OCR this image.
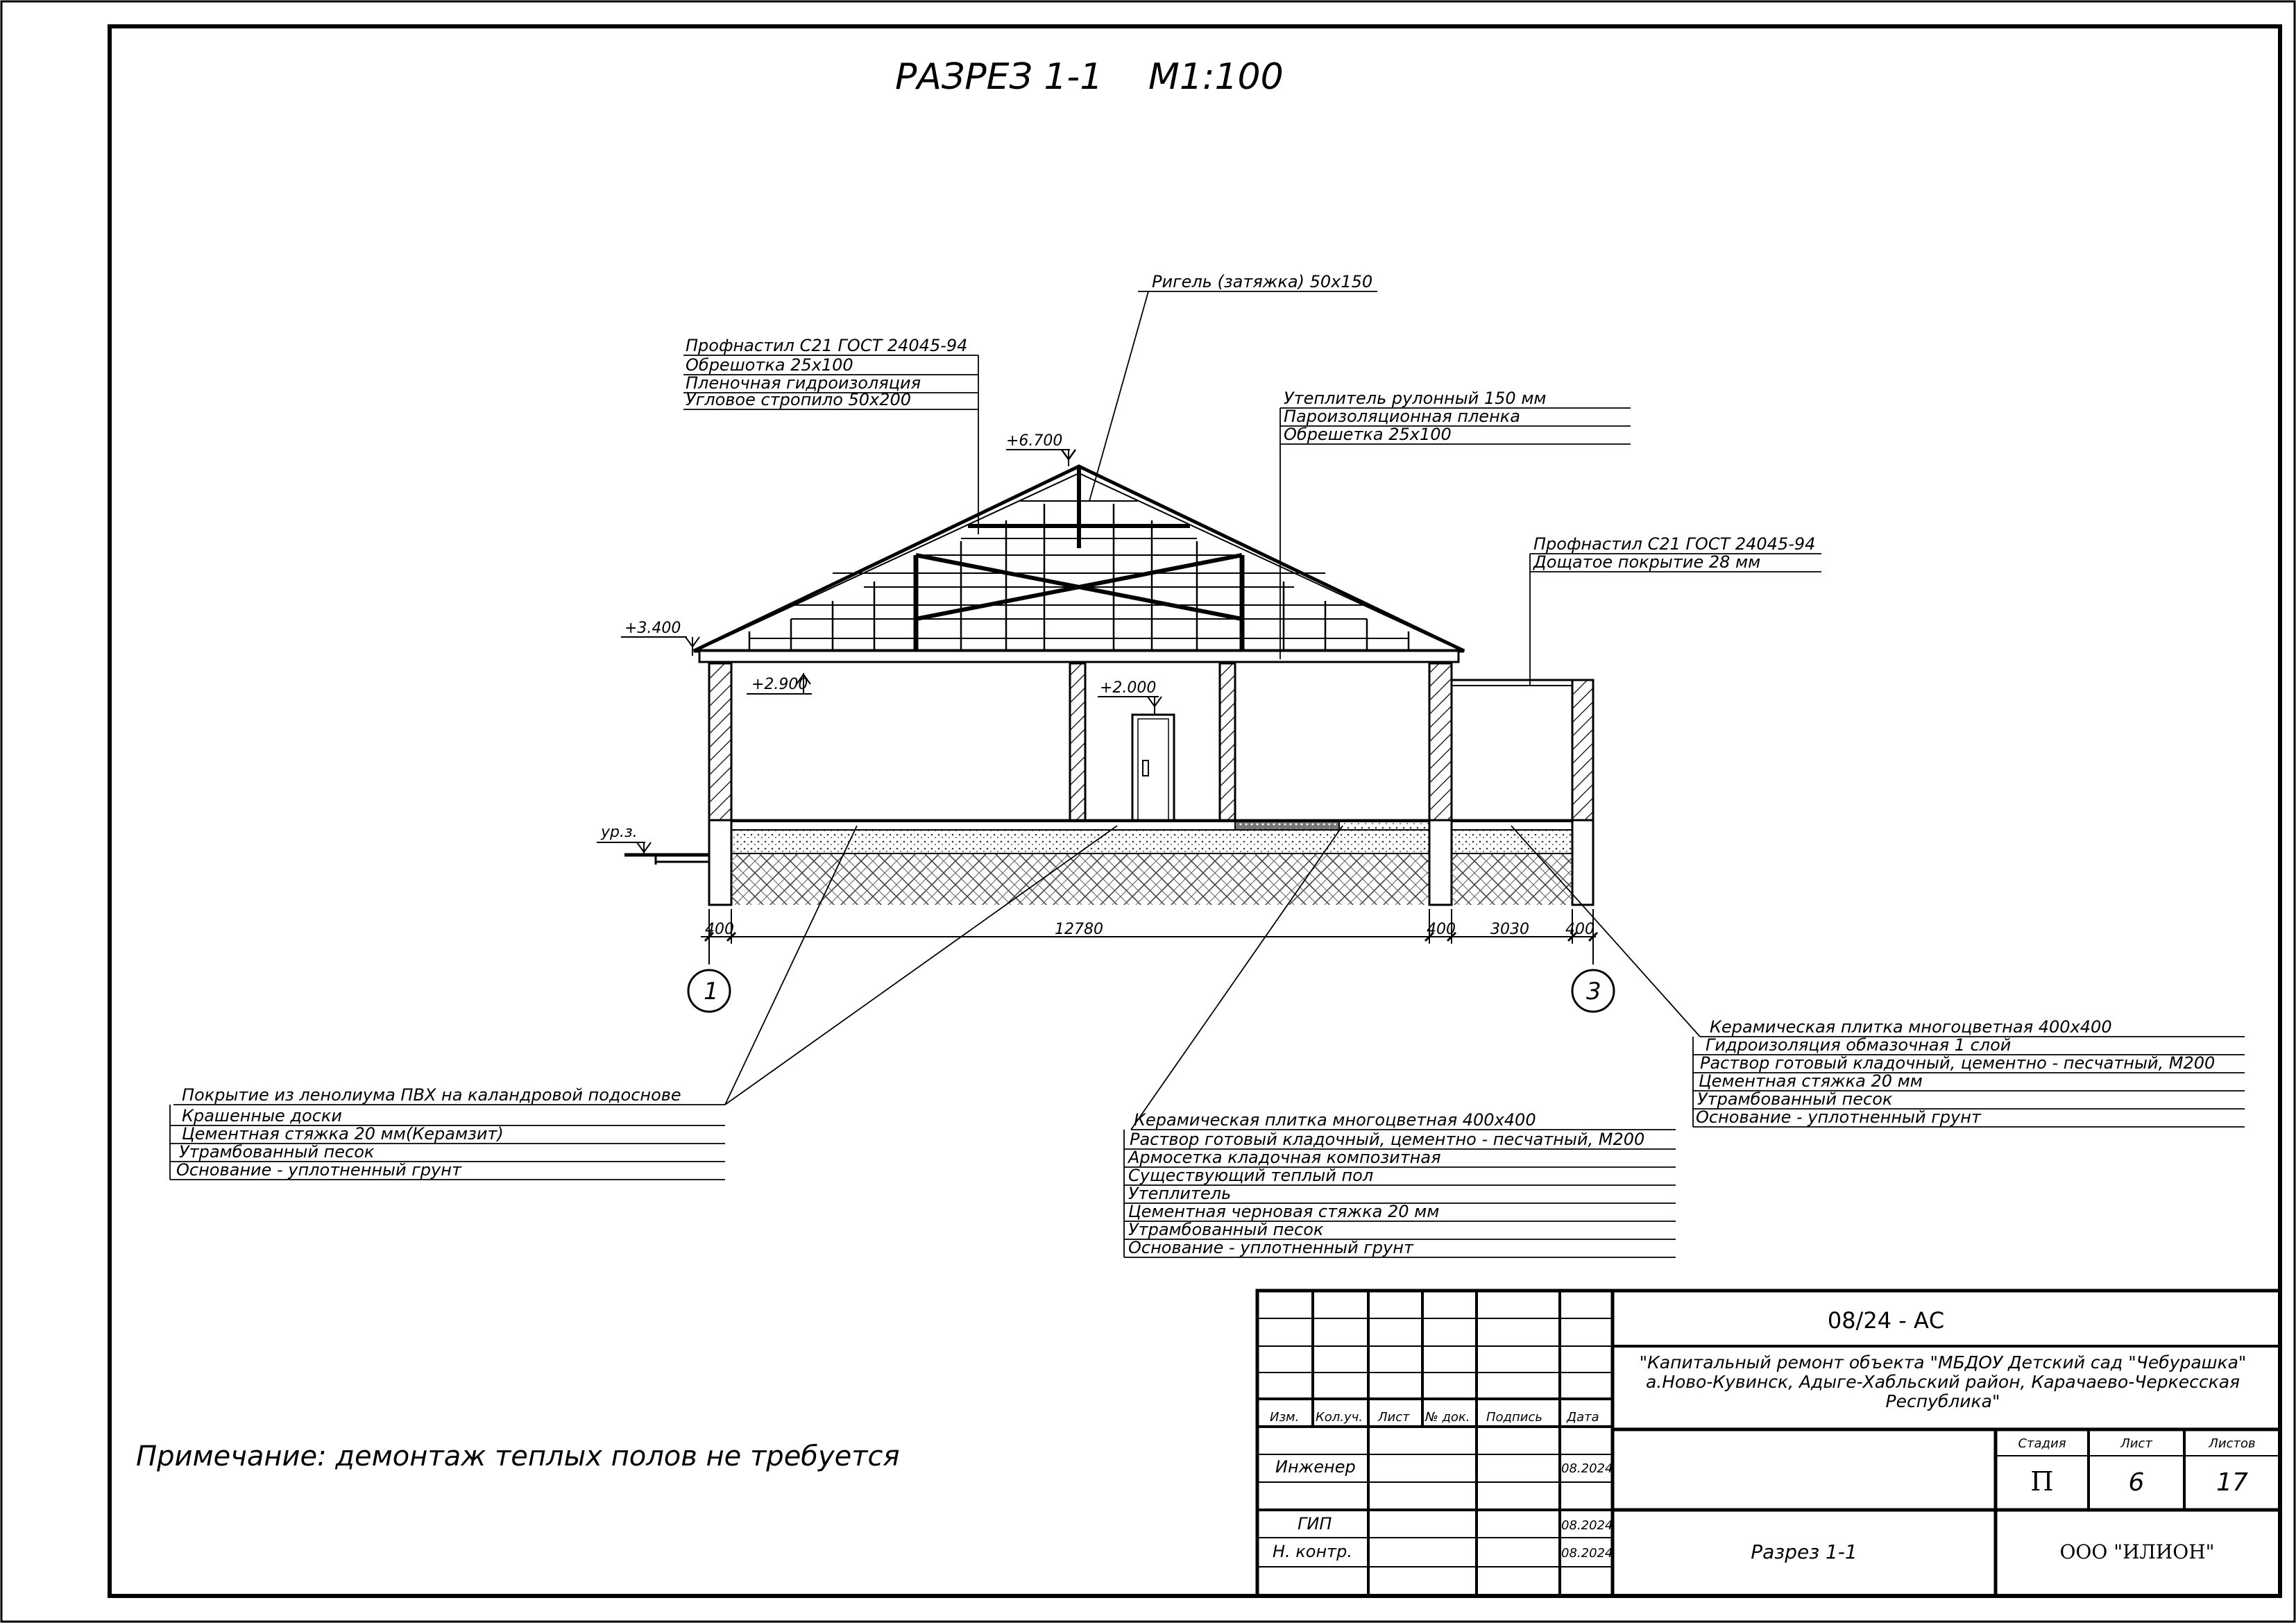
РАЗРЕЗ 1-1 М1:100
+6.700
+3.400
+2.900	+2.000
ур.з.
400	12780	400 3030 400
1	3
Ригель (затяжка) 50х150
Профнастил С21 ГОСТ 24045-94
Обрешотка 25х100
Пленочная гидроизоляция
Угловое стропило 50х200	Утеплитель рулонный 150 мм
Пароизоляционная пленка
Обрешетка 25х100
Профнастил С21 ГОСТ 24045-94
Дощатое покрытие 28 мм
Покрытие из ленолиума ПВХ на каландровой подоснове
Крашенные доски
Цементная стяжка 20 мм(Керамзит)
Утрамбованный песок
Основание - уплотненный грунт
Керамическая плитка многоцветная 400х400
Раствор готовый кладочный, цементно - песчатный, М200
Армосетка кладочная композитная
Существующий теплый пол
Утеплитель
Цементная черновая стяжка 20 мм
Утрамбованный песок
Основание - уплотненный грунт
Керамическая плитка многоцветная 400х400
Гидроизоляция обмазочная 1 слой
Раствор готовый кладочный, цементно - песчатный, М200
Цементная стяжка 20 мм
Утрамбованный песок
Основание - уплотненный грунт
Примечание: демонтаж теплых полов не требуется
Изм. Кол.уч. Лист № док. Подпись Дата
Инженер	08.2024
ГИП	08.2024
Н. контр.	08.2024
08/24 - АС
"Капитальный ремонт объекта "МБДОУ Детский сад "Чебурашка"
а.Ново-Кувинск, Адыге-Хабльский район, Карачаево-Черкесская
Республика"
Стадия	Лист	Листов
П	6	17
Разрез 1-1	ООО "ИЛИОН"
